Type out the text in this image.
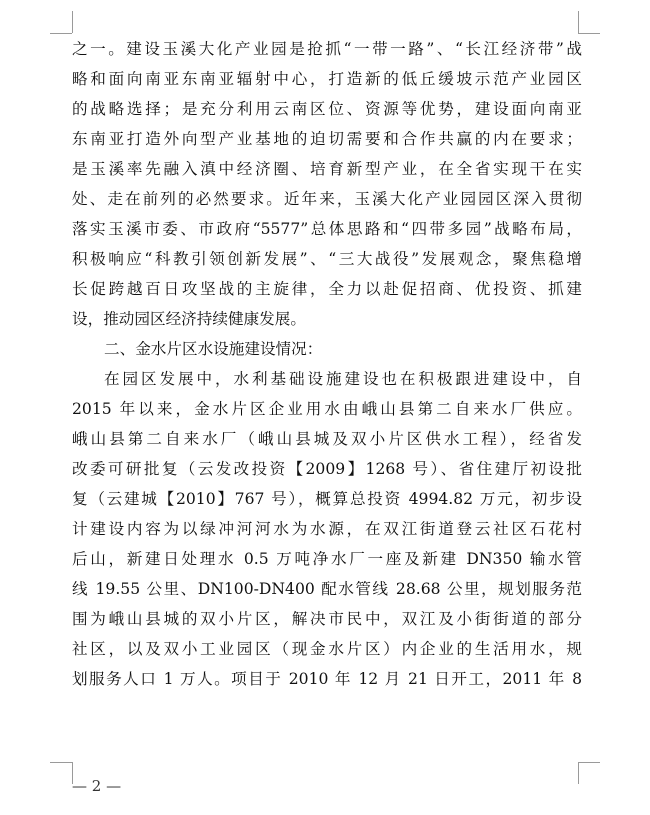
之一。建设玉溪大化产业园是抢抓“一带一路”、“长江经济带”战
略和面向南亚东南亚辐射中心，打造新的低丘缓坡示范产业园区
的战略选择；是充分利用云南区位、资源等优势，建设面向南亚
东南亚打造外向型产业基地的迫切需要和合作共赢的内在要求；
是玉溪率先融入滇中经济圈、培育新型产业，在全省实现干在实
处、走在前列的必然要求。近年来，玉溪大化产业园园区深入贯彻
落实玉溪市委、市政府“5577”总体思路和“四带多园”战略布局，
积极响应“科教引领创新发展”、“三大战役”发展观念，聚焦稳增
长促跨越百日攻坚战的主旋律，全力以赴促招商、优投资、抓建
设，推动园区经济持续健康发展。
二、金水片区水设施建设情况：
在园区发展中，水利基础设施建设也在积极跟进建设中，自
2015 年以来，金水片区企业用水由峨山县第二自来水厂供应。
峨山县第二自来水厂（峨山县城及双小片区供水工程），经省发
改委可研批复（云发改投资【2009】1268 号）、省住建厅初设批
复（云建城【2010】767 号），概算总投资 4994.82 万元，初步设
计建设内容为以绿冲河河水为水源，在双江街道登云社区石花村
后山，新建日处理水 0.5 万吨净水厂一座及新建 DN350 输水管
线 19.55 公里、DN100-DN400 配水管线 28.68 公里，规划服务范
围为峨山县城的双小片区，解决市民中，双江及小街街道的部分
社区，以及双小工业园区（现金水片区）内企业的生活用水，规
划服务人口 1 万人。项目于 2010 年 12 月 21 日开工，2011 年 8
— 2 —
